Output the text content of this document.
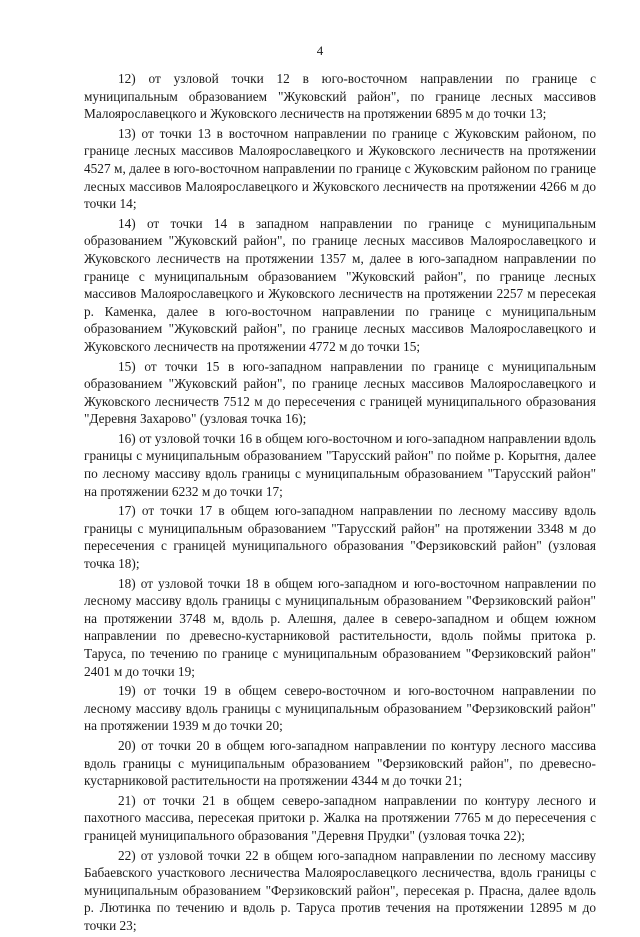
4

12) от узловой точки 12 в юго-восточном направлении по границе с муниципальным образованием "Жуковский район", по границе лесных массивов Малоярославецкого и Жуковского лесничеств на протяжении 6895 м до точки 13;

13) от точки 13 в восточном направлении по границе с Жуковским районом, по границе лесных массивов Малоярославецкого и Жуковского лесничеств на протяжении 4527 м, далее в юго-восточном направлении по границе с Жуковским районом по границе лесных массивов Малоярославецкого и Жуковского лесничеств на протяжении 4266 м до точки 14;

14) от точки 14 в западном направлении по границе с муниципальным образованием "Жуковский район", по границе лесных массивов Малоярославецкого и Жуковского лесничеств на протяжении 1357 м, далее в юго-западном направлении по границе с муниципальным образованием "Жуковский район", по границе лесных массивов Малоярославецкого и Жуковского лесничеств на протяжении 2257 м пересекая р. Каменка, далее в юго-восточном направлении по границе с муниципальным образованием "Жуковский район", по границе лесных массивов Малоярославецкого и Жуковского лесничеств на протяжении 4772 м до точки 15;

15) от точки 15 в юго-западном направлении по границе с муниципальным образованием "Жуковский район", по границе лесных массивов Малоярославецкого и Жуковского лесничеств 7512 м до пересечения с границей муниципального образования "Деревня Захарово" (узловая точка 16);

16) от узловой точки 16 в общем юго-восточном и юго-западном направлении вдоль границы с муниципальным образованием "Тарусский район" по пойме р. Корытня, далее по лесному массиву вдоль границы с муниципальным образованием "Тарусский район" на протяжении 6232 м до точки 17;

17) от точки 17 в общем юго-западном направлении по лесному массиву вдоль границы с муниципальным образованием "Тарусский район" на протяжении 3348 м до пересечения с границей муниципального образования "Ферзиковский район" (узловая точка 18);

18) от узловой точки 18 в общем юго-западном и юго-восточном направлении по лесному массиву вдоль границы с муниципальным образованием "Ферзиковский район" на протяжении 3748 м, вдоль р. Алешня, далее в северо-западном и общем южном направлении по древесно-кустарниковой растительности, вдоль поймы притока р. Таруса, по течению по границе с муниципальным образованием "Ферзиковский район" 2401 м до точки 19;

19) от точки 19 в общем северо-восточном и юго-восточном направлении по лесному массиву вдоль границы с муниципальным образованием "Ферзиковский район" на протяжении 1939 м до точки 20;

20) от точки 20 в общем юго-западном направлении по контуру лесного массива вдоль границы с муниципальным образованием "Ферзиковский район", по древесно-кустарниковой растительности на протяжении 4344 м до точки 21;

21) от точки 21 в общем северо-западном направлении по контуру лесного и пахотного массива, пересекая притоки р. Жалка на протяжении 7765 м до пересечения с границей муниципального образования "Деревня Прудки" (узловая точка 22);

22) от узловой точки 22 в общем юго-западном направлении по лесному массиву Бабаевского участкового лесничества Малоярославецкого лесничества, вдоль границы с муниципальным образованием "Ферзиковский район", пересекая р. Прасна, далее вдоль р. Лютинка по течению и вдоль р. Таруса против течения на протяжении 12895 м до точки 23;
